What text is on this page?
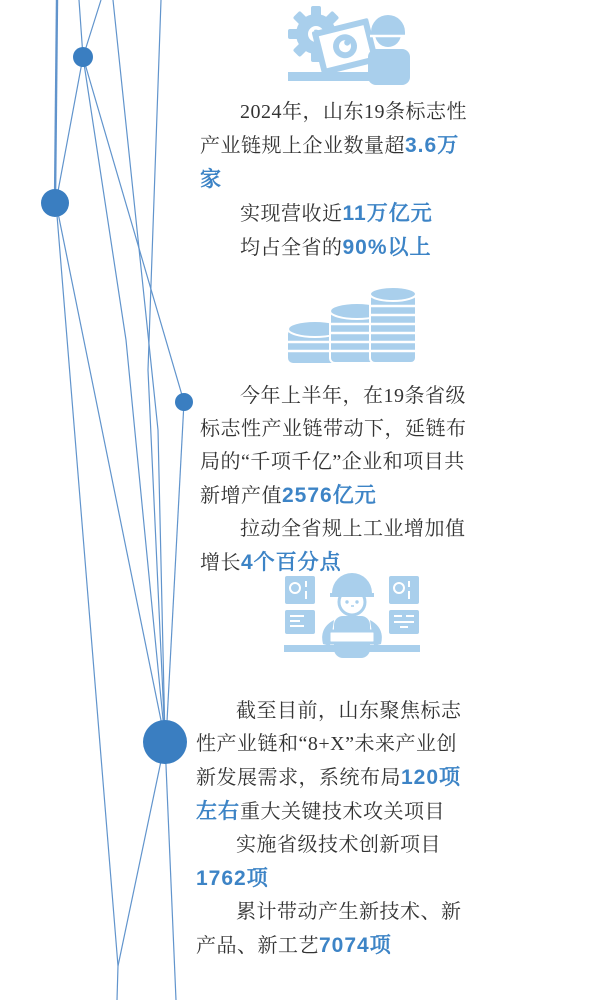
2024年，山东19条标志性产业链规上企业数量超3.6万家

实现营收近11万亿元

均占全省的90%以上

今年上半年，在19条省级标志性产业链带动下，延链布局的“千项千亿”企业和项目共新增产值2576亿元

拉动全省规上工业增加值增长4个百分点

截至目前，山东聚焦标志性产业链和“8+X”未来产业创新发展需求，系统布局120项左右重大关键技术攻关项目

实施省级技术创新项目1762项

累计带动产生新技术、新产品、新工艺7074项
